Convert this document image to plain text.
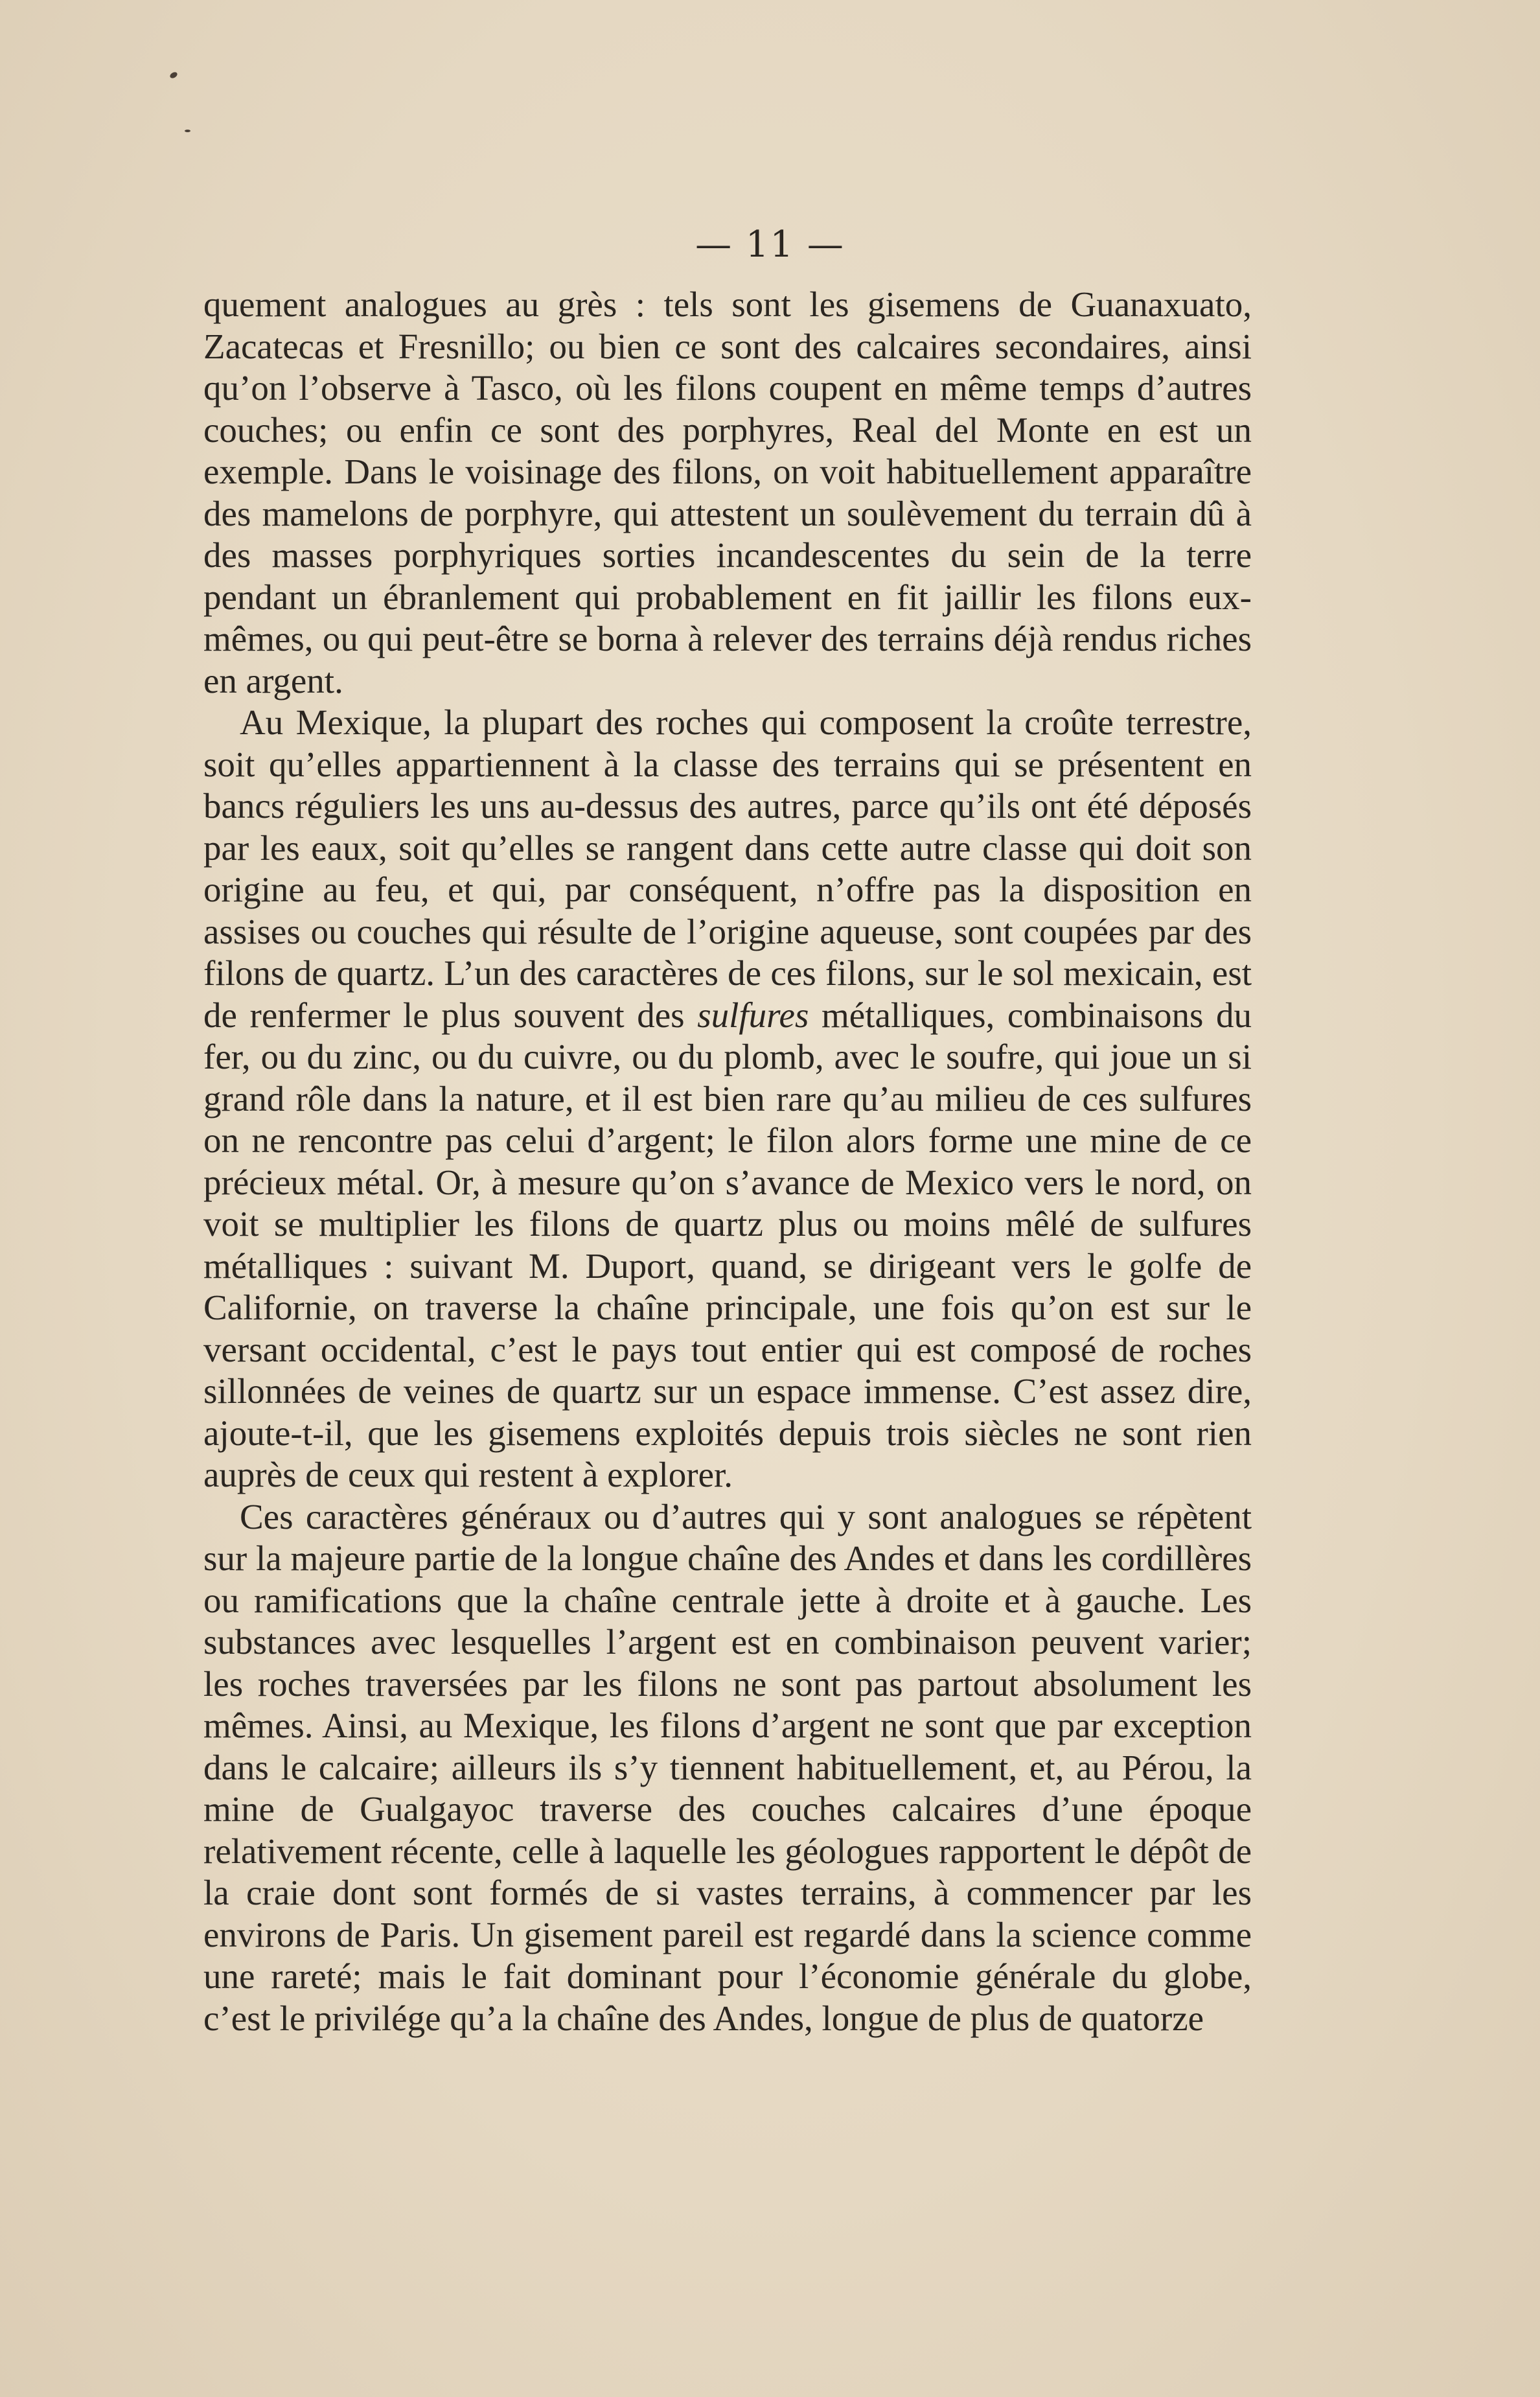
— 11 —

quement analogues au grès : tels sont les gisemens de Guanaxuato, Zacatecas et Fresnillo; ou bien ce sont des calcaires secondaires, ainsi qu’on l’observe à Tasco, où les filons coupent en même temps d’autres couches; ou enfin ce sont des porphyres, Real del Monte en est un exemple. Dans le voisinage des filons, on voit habituellement apparaître des mamelons de porphyre, qui attestent un soulèvement du terrain dû à des masses porphyriques sorties incandescentes du sein de la terre pendant un ébranlement qui probablement en fit jaillir les filons eux-mêmes, ou qui peut-être se borna à relever des terrains déjà rendus riches en argent.

Au Mexique, la plupart des roches qui composent la croûte terrestre, soit qu’elles appartiennent à la classe des terrains qui se présentent en bancs réguliers les uns au-dessus des autres, parce qu’ils ont été déposés par les eaux, soit qu’elles se rangent dans cette autre classe qui doit son origine au feu, et qui, par conséquent, n’offre pas la disposition en assises ou couches qui résulte de l’origine aqueuse, sont coupées par des filons de quartz. L’un des caractères de ces filons, sur le sol mexicain, est de renfermer le plus souvent des sulfures métalliques, combinaisons du fer, ou du zinc, ou du cuivre, ou du plomb, avec le soufre, qui joue un si grand rôle dans la nature, et il est bien rare qu’au milieu de ces sulfures on ne rencontre pas celui d’argent; le filon alors forme une mine de ce précieux métal. Or, à mesure qu’on s’avance de Mexico vers le nord, on voit se multiplier les filons de quartz plus ou moins mêlé de sulfures métalliques : suivant M. Duport, quand, se dirigeant vers le golfe de Californie, on traverse la chaîne principale, une fois qu’on est sur le versant occidental, c’est le pays tout entier qui est composé de roches sillonnées de veines de quartz sur un espace immense. C’est assez dire, ajoute-t-il, que les gisemens exploités depuis trois siècles ne sont rien auprès de ceux qui restent à explorer.

Ces caractères généraux ou d’autres qui y sont analogues se répètent sur la majeure partie de la longue chaîne des Andes et dans les cordillères ou ramifications que la chaîne centrale jette à droite et à gauche. Les substances avec lesquelles l’argent est en combinaison peuvent varier; les roches traversées par les filons ne sont pas partout absolument les mêmes. Ainsi, au Mexique, les filons d’argent ne sont que par exception dans le calcaire; ailleurs ils s’y tiennent habituellement, et, au Pérou, la mine de Gualgayoc traverse des couches calcaires d’une époque relativement récente, celle à laquelle les géologues rapportent le dépôt de la craie dont sont formés de si vastes terrains, à commencer par les environs de Paris. Un gisement pareil est regardé dans la science comme une rareté; mais le fait dominant pour l’économie générale du globe, c’est le privilége qu’a la chaîne des Andes, longue de plus de quatorze
